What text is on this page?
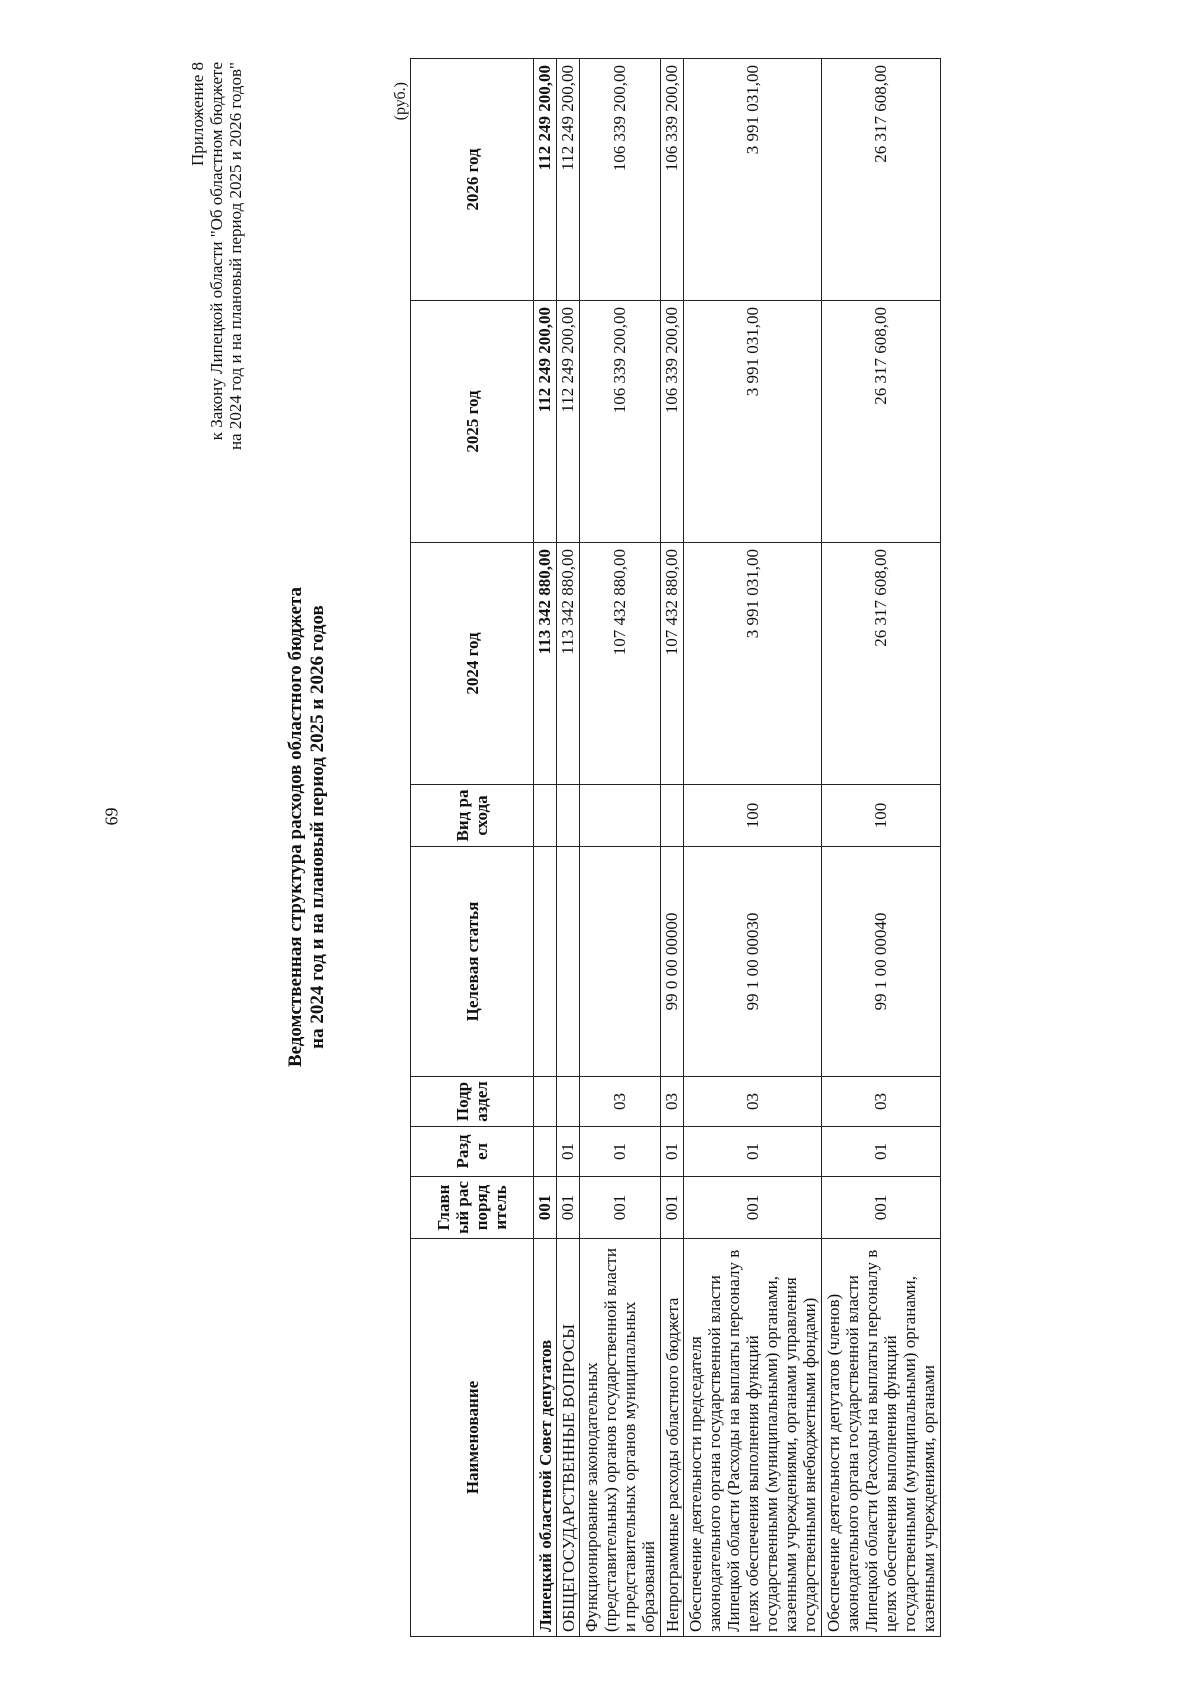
69
Приложение 8 к Закону Липецкой области "Об областном бюджете на 2024 год и на плановый период 2025 и 2026 годов"
Ведомственная структура расходов областного бюджета на 2024 год и на плановый период 2025 и 2026 годов
(руб.)
Наименование	Главный распорядитель	Раздел	Подраздел	Целевая статья	Вид расхода	2024 год	2025 год	2026 год
Липецкий областной Совет депутатов	001					113 342 880,00	112 249 200,00	112 249 200,00
ОБЩЕГОСУДАРСТВЕННЫЕ ВОПРОСЫ	001	01				113 342 880,00	112 249 200,00	112 249 200,00
Функционирование законодательных (представительных) органов государственной власти и представительных органов муниципальных образований	001	01	03			107 432 880,00	106 339 200,00	106 339 200,00
Непрограммные расходы областного бюджета	001	01	03	99 0 00 00000		107 432 880,00	106 339 200,00	106 339 200,00
Обеспечение деятельности председателя законодательного органа государственной власти Липецкой области (Расходы на выплаты персоналу в целях обеспечения выполнения функций государственными (муниципальными) органами, казенными учреждениями, органами управления государственными внебюджетными фондами)	001	01	03	99 1 00 00030	100	3 991 031,00	3 991 031,00	3 991 031,00
Обеспечение деятельности депутатов (членов) законодательного органа государственной власти Липецкой области (Расходы на выплаты персоналу в целях обеспечения выполнения функций государственными (муниципальными) органами, казенными учреждениями, органами	001	01	03	99 1 00 00040	100	26 317 608,00	26 317 608,00	26 317 608,00
